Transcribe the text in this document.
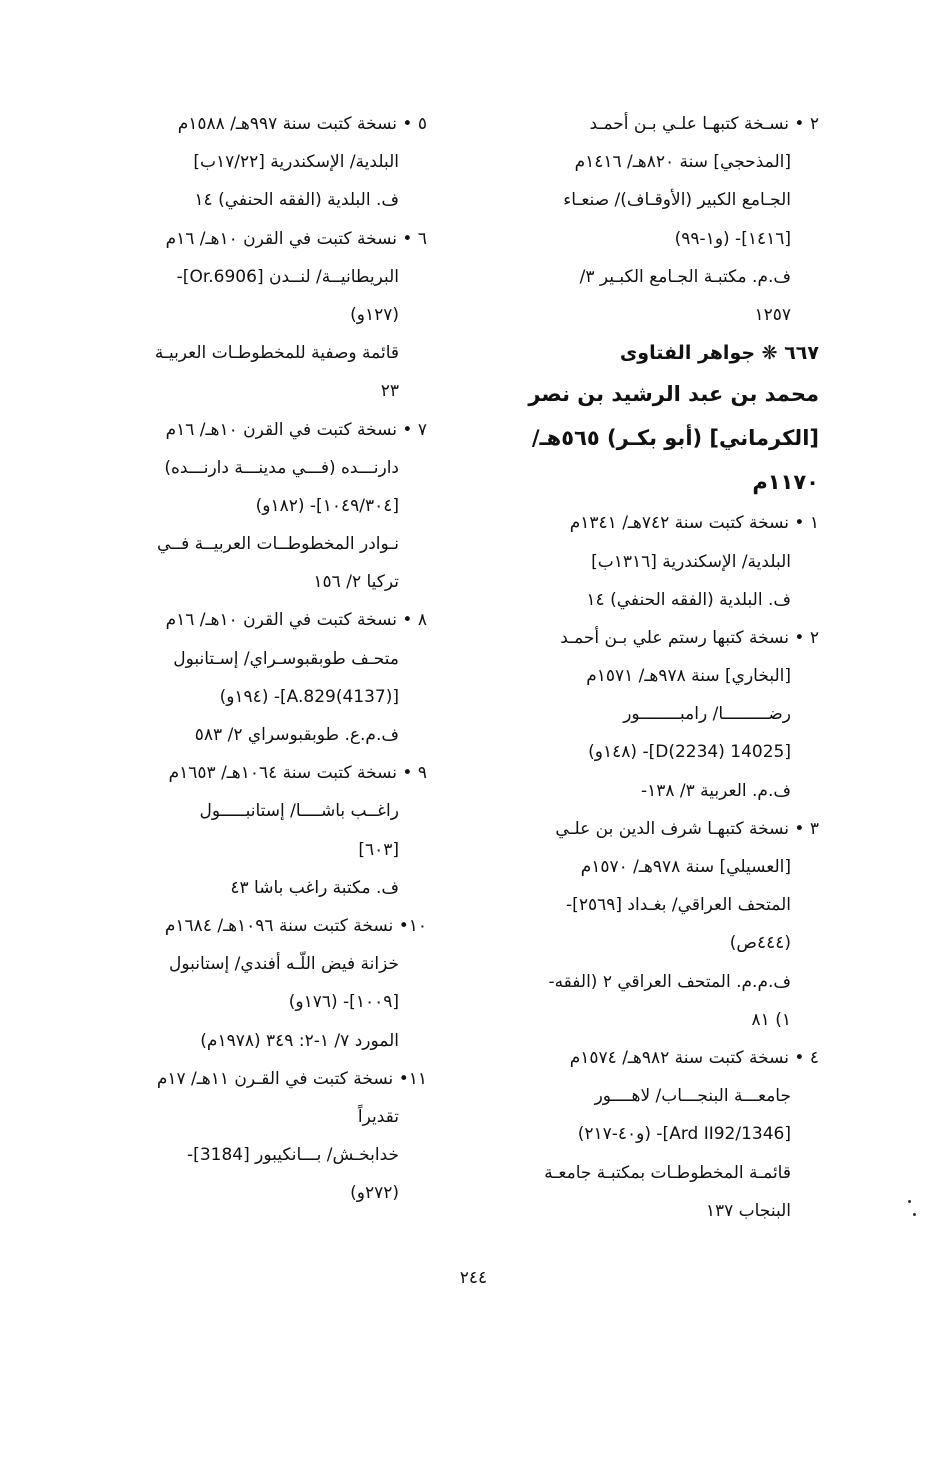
٢ • نسـخة كتبهـا علـي بـن أحمـد
[المذحجي] سنة ٨٢٠هـ/ ١٤١٦م
الجـامع الكبير (الأوقـاف)/ صنعـاء
[١٤١٦]- (و١-٩٩)
ف.م. مكتبـة الجـامع الكبـير ٣/
١٢٥٧
٦٦٧ ❋ جواهر الفتاوى
محمد بن عبد الرشيد بن نصر
[الكرماني] (أبو بكـر) ٥٦٥هـ/
١١٧٠م
١ • نسخة كتبت سنة ٧٤٢هـ/ ١٣٤١م
البلدية/ الإسكندرية [١٣١٦ب]
ف. البلدية (الفقه الحنفي) ١٤
٢ • نسخة كتبها رستم علي بـن أحمـد
[البخاري] سنة ٩٧٨هـ/ ١٥٧١م
رضـــــــــا/ رامبــــــــور
[14025 D(2234)]- (١٤٨و)
ف.م. العربية ٣/ ١٣٨-
٣ • نسخة كتبهـا شرف الدين بن علـي
[العسيلي] سنة ٩٧٨هـ/ ١٥٧٠م
المتحف العراقي/ بغـداد [٢٥٦٩]-
(٤٤٤ص)
ف.م.م. المتحف العراقي ٢ (الفقه-
١) ٨١
٤ • نسخة كتبت سنة ٩٨٢هـ/ ١٥٧٤م
جامعـــة البنجـــاب/ لاهــــور
[Ard II92/1346]- (و٤٠-٢١٧)
قائمـة المخطوطـات بمكتبـة جامعـة
البنجاب ١٣٧
٥ • نسخة كتبت سنة ٩٩٧هـ/ ١٥٨٨م
البلدية/ الإسكندرية [١٧/٢٢ب]
ف. البلدية (الفقه الحنفي) ١٤
٦ • نسخة كتبت في القرن ١٠هـ/ ١٦م
البريطانيــة/ لنــدن [Or.6906]-
(١٢٧و)
قائمة وصفية للمخطوطـات العربيـة
٢٣
٧ • نسخة كتبت في القرن ١٠هـ/ ١٦م
دارنـــده (فـــي مدينـــة دارنـــده)
[١٠٤٩/٣٠٤]- (١٨٢و)
نـوادر المخطوطــات العربيــة فــي
تركيا ٢/ ١٥٦
٨ • نسخة كتبت في القرن ١٠هـ/ ١٦م
متحـف طوبقبوسـراي/ إسـتانبول
[A.829(4137)]- (١٩٤و)
ف.م.ع. طوبقبوسراي ٢/ ٥٨٣
٩ • نسخة كتبت سنة ١٠٦٤هـ/ ١٦٥٣م
راغــب باشــــا/ إستانبـــــول
[٦٠٣]
ف. مكتبة راغب باشا ٤٣
١٠• نسخة كتبت سنة ١٠٩٦هـ/ ١٦٨٤م
خزانة فيض اللّـه أفندي/ إستانبول
[١٠٠٩]- (١٧٦و)
المورد ٧/ ١-٢: ٣٤٩ (١٩٧٨م)
١١• نسخة كتبت في القـرن ١١هـ/ ١٧م
تقديراً
خدابخـش/ بـــانكيبور [3184]-
(٢٧٢و)
٢٤٤
